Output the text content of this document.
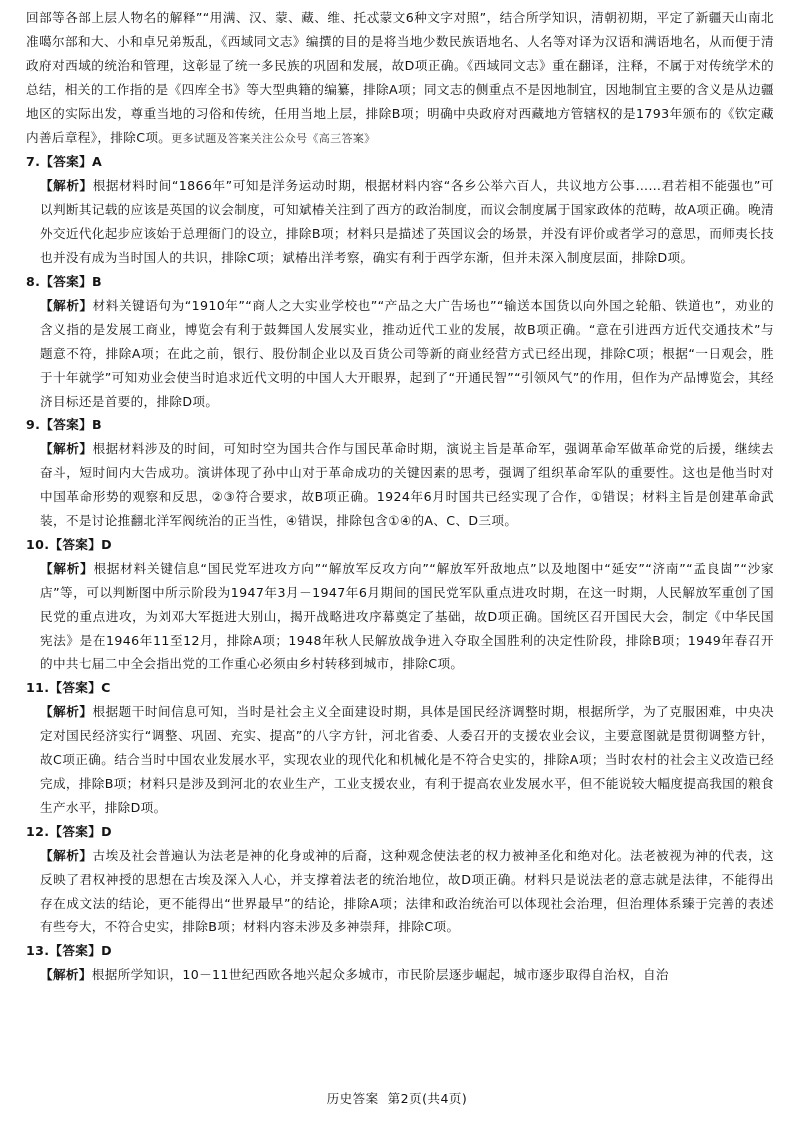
回部等各部上层人物名的解释”“用满、汉、蒙、藏、维、托忒蒙文6种文字对照”，结合所学知识，清朝初期，平定了新疆天山南北准噶尔部和大、小和卓兄弟叛乱，《西域同文志》编撰的目的是将当地少数民族语地名、人名等对译为汉语和满语地名，从而便于清政府对西域的统治和管理，这彰显了统一多民族的巩固和发展，故D项正确。《西域同文志》重在翻译，注释，不属于对传统学术的总结，相关的工作指的是《四库全书》等大型典籍的编纂，排除A项；同文志的侧重点不是因地制宜，因地制宜主要的含义是从边疆地区的实际出发，尊重当地的习俗和传统，任用当地上层，排除B项；明确中央政府对西藏地方管辖权的是1793年颁布的《钦定藏内善后章程》，排除C项。更多试题及答案关注公众号《高三答案》

7.【答案】A

【解析】根据材料时间“1866年”可知是洋务运动时期，根据材料内容“各乡公举六百人，共议地方公事……君若相不能强也”可以判断其记载的应该是英国的议会制度，可知斌椿关注到了西方的政治制度，而议会制度属于国家政体的范畴，故A项正确。晚清外交近代化起步应该始于总理衙门的设立，排除B项；材料只是描述了英国议会的场景，并没有评价或者学习的意思，而师夷长技也并没有成为当时国人的共识，排除C项；斌椿出洋考察，确实有利于西学东渐，但并未深入制度层面，排除D项。

8.【答案】B

【解析】材料关键语句为“1910年”“商人之大实业学校也”“产品之大广告场也”“输送本国货以向外国之轮船、铁道也”，劝业的含义指的是发展工商业，博览会有利于鼓舞国人发展实业，推动近代工业的发展，故B项正确。“意在引进西方近代交通技术”与题意不符，排除A项；在此之前，银行、股份制企业以及百货公司等新的商业经营方式已经出现，排除C项；根据“一日观会，胜于十年就学”可知劝业会使当时追求近代文明的中国人大开眼界，起到了“开通民智”“引领风气”的作用，但作为产品博览会，其经济目标还是首要的，排除D项。

9.【答案】B

【解析】根据材料涉及的时间，可知时空为国共合作与国民革命时期，演说主旨是革命军，强调革命军做革命党的后援，继续去奋斗，短时间内大告成功。演讲体现了孙中山对于革命成功的关键因素的思考，强调了组织革命军队的重要性。这也是他当时对中国革命形势的观察和反思，②③符合要求，故B项正确。1924年6月时国共已经实现了合作，①错误；材料主旨是创建革命武装，不是讨论推翻北洋军阀统治的正当性，④错误，排除包含①④的A、C、D三项。

10.【答案】D

【解析】根据材料关键信息“国民党军进攻方向”“解放军反攻方向”“解放军歼敌地点”以及地图中“延安”“济南”“孟良崮”“沙家店”等，可以判断图中所示阶段为1947年3月－1947年6月期间的国民党军队重点进攻时期，在这一时期，人民解放军重创了国民党的重点进攻，为刘邓大军挺进大别山，揭开战略进攻序幕奠定了基础，故D项正确。国统区召开国民大会，制定《中华民国宪法》是在1946年11至12月，排除A项；1948年秋人民解放战争进入夺取全国胜利的决定性阶段，排除B项；1949年春召开的中共七届二中全会指出党的工作重心必须由乡村转移到城市，排除C项。

11.【答案】C

【解析】根据题干时间信息可知，当时是社会主义全面建设时期，具体是国民经济调整时期，根据所学，为了克服困难，中央决定对国民经济实行“调整、巩固、充实、提高”的八字方针，河北省委、人委召开的支援农业会议，主要意图就是贯彻调整方针，故C项正确。结合当时中国农业发展水平，实现农业的现代化和机械化是不符合史实的，排除A项；当时农村的社会主义改造已经完成，排除B项；材料只是涉及到河北的农业生产，工业支援农业，有利于提高农业发展水平，但不能说较大幅度提高我国的粮食生产水平，排除D项。

12.【答案】D

【解析】古埃及社会普遍认为法老是神的化身或神的后裔，这种观念使法老的权力被神圣化和绝对化。法老被视为神的代表，这反映了君权神授的思想在古埃及深入人心，并支撑着法老的统治地位，故D项正确。材料只是说法老的意志就是法律，不能得出存在成文法的结论，更不能得出“世界最早”的结论，排除A项；法律和政治统治可以体现社会治理，但治理体系臻于完善的表述有些夸大，不符合史实，排除B项；材料内容未涉及多神崇拜，排除C项。

13.【答案】D

【解析】根据所学知识，10－11世纪西欧各地兴起众多城市，市民阶层逐步崛起，城市逐步取得自治权，自治

历史答案 第2页(共4页)
